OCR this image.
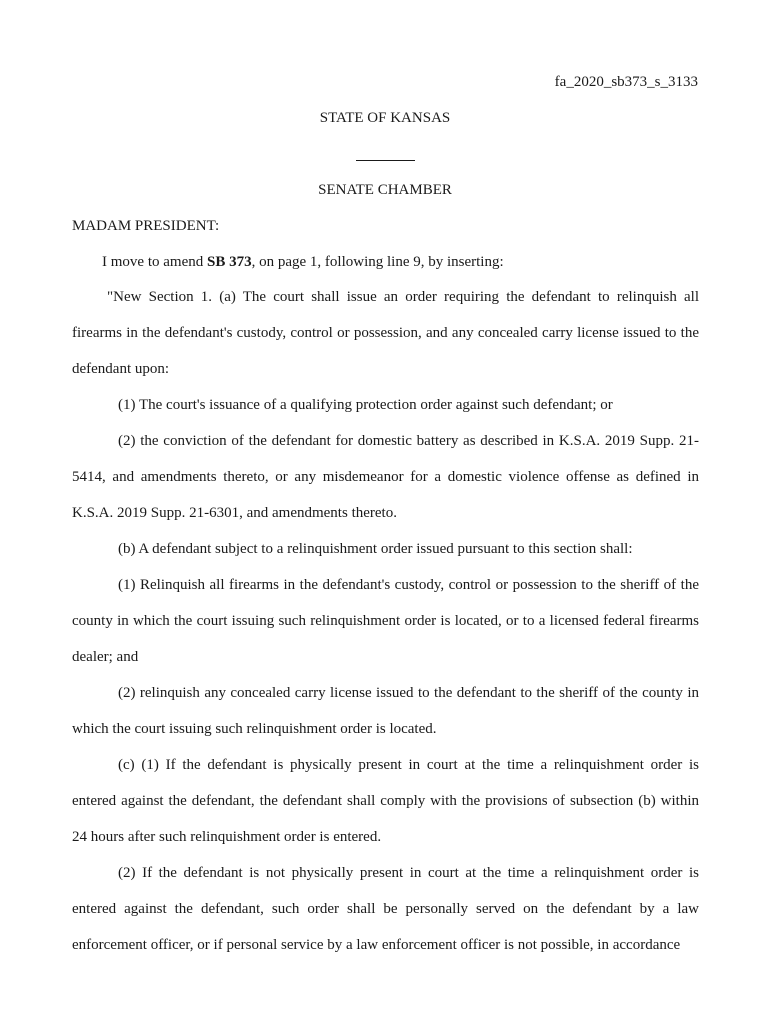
fa_2020_sb373_s_3133
STATE OF KANSAS
SENATE CHAMBER
MADAM PRESIDENT:
I move to amend SB 373, on page 1, following line 9, by inserting:

"New Section 1. (a) The court shall issue an order requiring the defendant to relinquish all firearms in the defendant's custody, control or possession, and any concealed carry license issued to the defendant upon:

(1) The court's issuance of a qualifying protection order against such defendant; or

(2) the conviction of the defendant for domestic battery as described in K.S.A. 2019 Supp. 21-5414, and amendments thereto, or any misdemeanor for a domestic violence offense as defined in K.S.A. 2019 Supp. 21-6301, and amendments thereto.

(b) A defendant subject to a relinquishment order issued pursuant to this section shall:

(1) Relinquish all firearms in the defendant's custody, control or possession to the sheriff of the county in which the court issuing such relinquishment order is located, or to a licensed federal firearms dealer; and

(2) relinquish any concealed carry license issued to the defendant to the sheriff of the county in which the court issuing such relinquishment order is located.

(c) (1) If the defendant is physically present in court at the time a relinquishment order is entered against the defendant, the defendant shall comply with the provisions of subsection (b) within 24 hours after such relinquishment order is entered.

(2) If the defendant is not physically present in court at the time a relinquishment order is entered against the defendant, such order shall be personally served on the defendant by a law enforcement officer, or if personal service by a law enforcement officer is not possible, in accordance
